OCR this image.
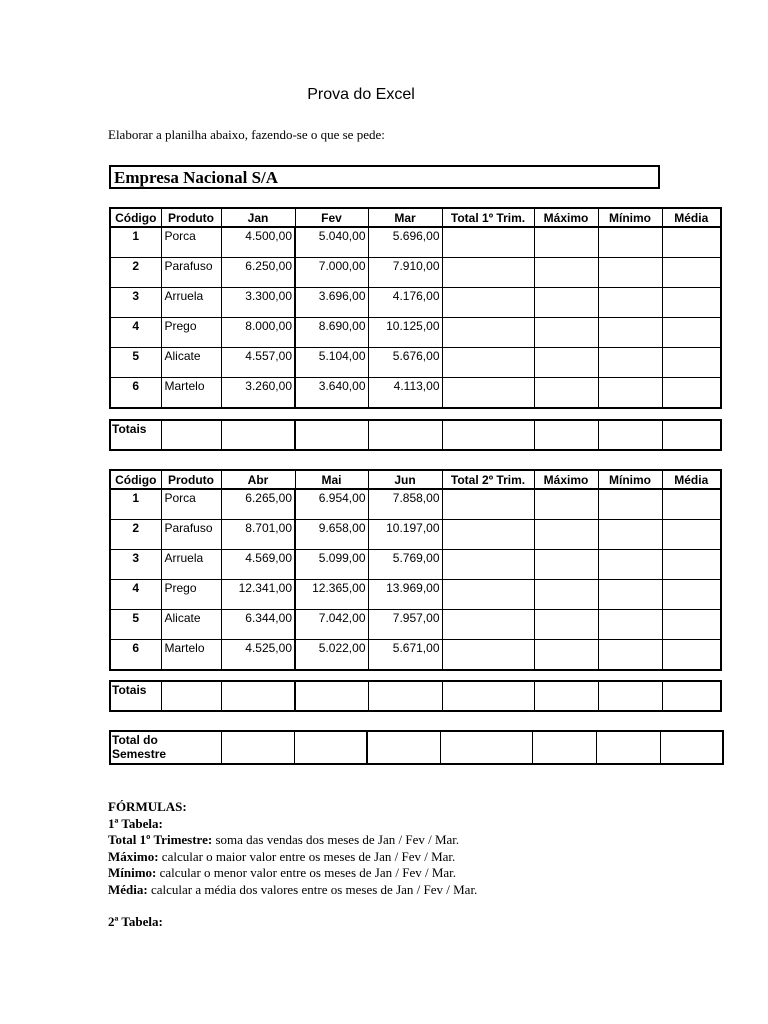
Prova do Excel
Elaborar a planilha abaixo, fazendo-se o que se pede:
Empresa Nacional S/A
Código	Produto	Jan	Fev	Mar	Total 1º Trim.	Máximo	Mínimo	Média
1	Porca	4.500,00	5.040,00	5.696,00				
2	Parafuso	6.250,00	7.000,00	7.910,00				
3	Arruela	3.300,00	3.696,00	4.176,00				
4	Prego	8.000,00	8.690,00	10.125,00				
5	Alicate	4.557,00	5.104,00	5.676,00				
6	Martelo	3.260,00	3.640,00	4.113,00				
Totais								
Código	Produto	Abr	Mai	Jun	Total 2º Trim.	Máximo	Mínimo	Média
1	Porca	6.265,00	6.954,00	7.858,00				
2	Parafuso	8.701,00	9.658,00	10.197,00				
3	Arruela	4.569,00	5.099,00	5.769,00				
4	Prego	12.341,00	12.365,00	13.969,00				
5	Alicate	6.344,00	7.042,00	7.957,00				
6	Martelo	4.525,00	5.022,00	5.671,00				
Totais								
Total do
Semestre

FÓRMULAS:

1ª Tabela:

Total 1º Trimestre: soma das vendas dos meses de Jan / Fev / Mar.

Máximo: calcular o maior valor entre os meses de Jan / Fev / Mar.

Mínimo: calcular o menor valor entre os meses de Jan / Fev / Mar.

Média: calcular a média dos valores entre os meses de Jan / Fev / Mar.

2ª Tabela:
